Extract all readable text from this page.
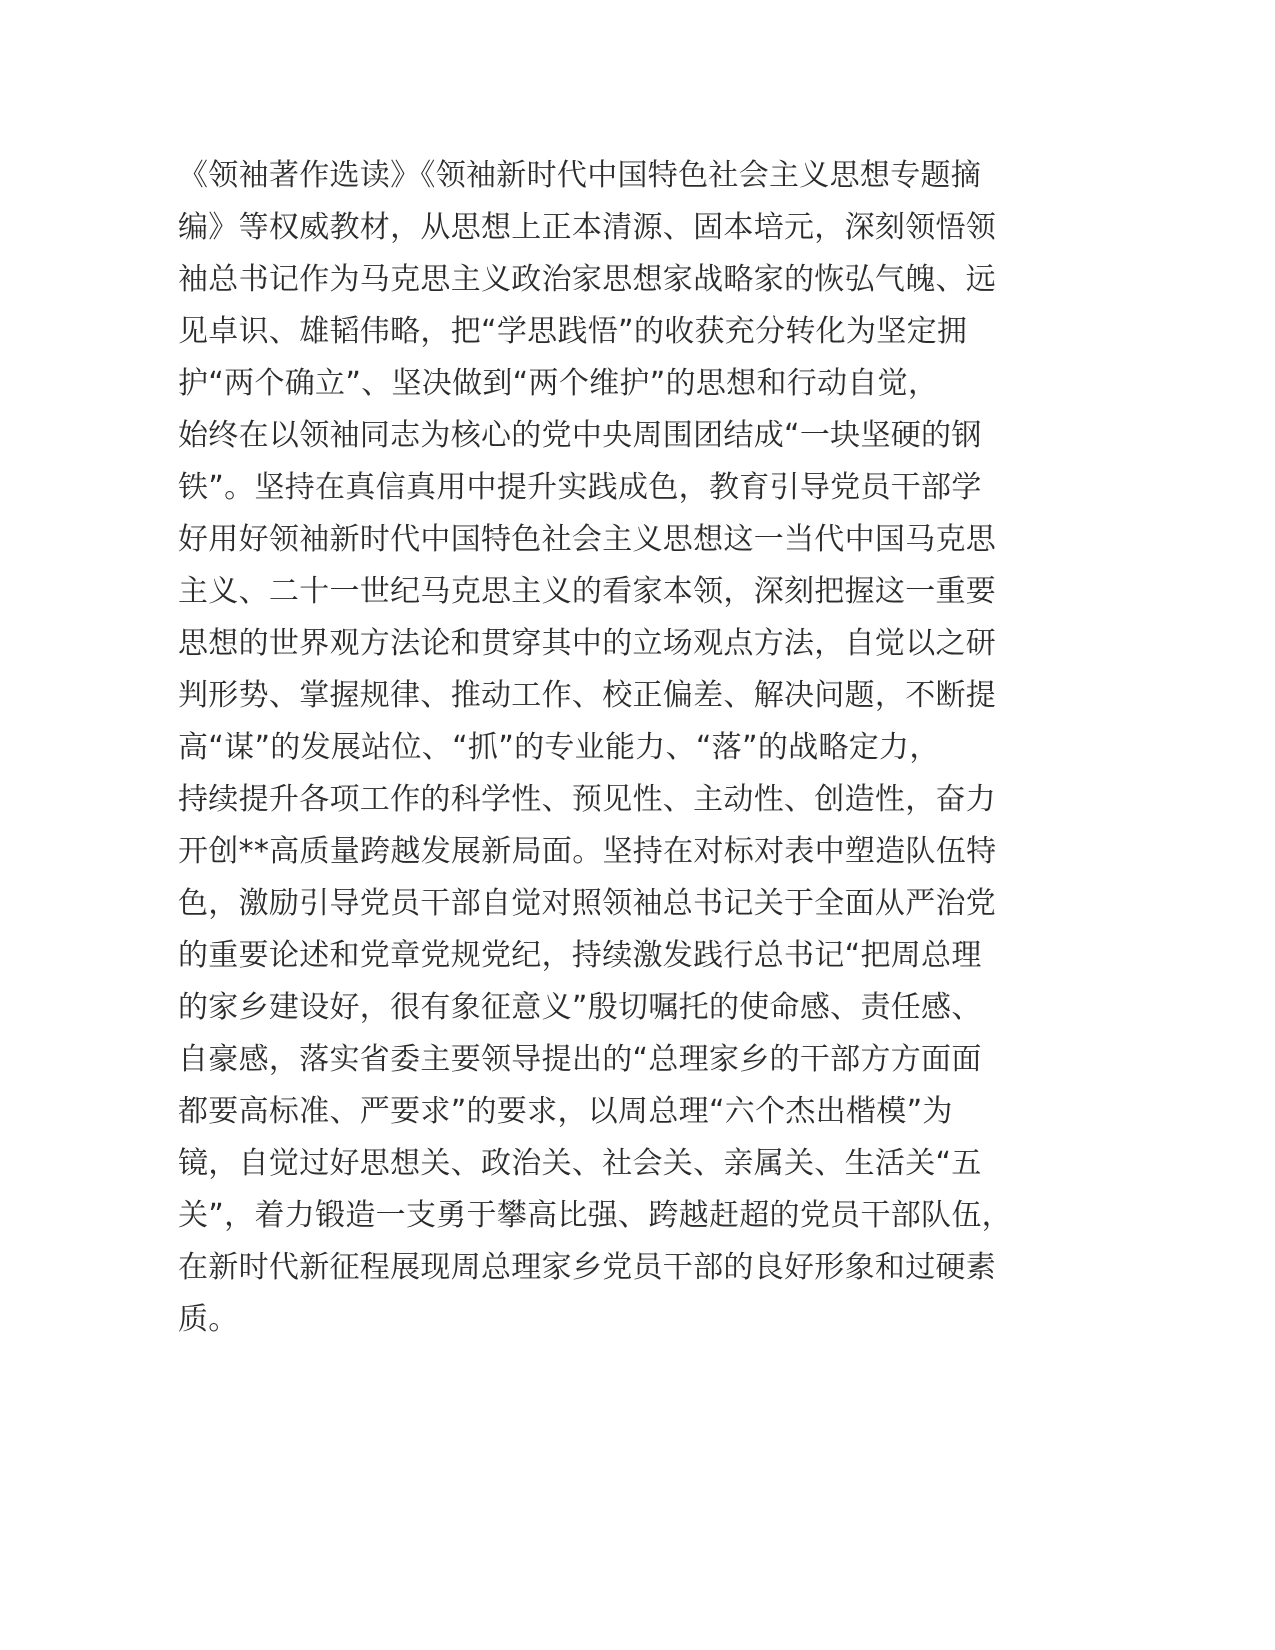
《领袖著作选读》《领袖新时代中国特色社会主义思想专题摘
编》等权威教材，从思想上正本清源、固本培元，深刻领悟领
袖总书记作为马克思主义政治家思想家战略家的恢弘气魄、远
见卓识、雄韬伟略，把“学思践悟”的收获充分转化为坚定拥
护“两个确立”、坚决做到“两个维护”的思想和行动自觉，
始终在以领袖同志为核心的党中央周围团结成“一块坚硬的钢
铁”。坚持在真信真用中提升实践成色，教育引导党员干部学
好用好领袖新时代中国特色社会主义思想这一当代中国马克思
主义、二十一世纪马克思主义的看家本领，深刻把握这一重要
思想的世界观方法论和贯穿其中的立场观点方法，自觉以之研
判形势、掌握规律、推动工作、校正偏差、解决问题，不断提
高“谋”的发展站位、“抓”的专业能力、“落”的战略定力，
持续提升各项工作的科学性、预见性、主动性、创造性，奋力
开创**高质量跨越发展新局面。坚持在对标对表中塑造队伍特
色，激励引导党员干部自觉对照领袖总书记关于全面从严治党
的重要论述和党章党规党纪，持续激发践行总书记“把周总理
的家乡建设好，很有象征意义”殷切嘱托的使命感、责任感、
自豪感，落实省委主要领导提出的“总理家乡的干部方方面面
都要高标准、严要求”的要求，以周总理“六个杰出楷模”为
镜，自觉过好思想关、政治关、社会关、亲属关、生活关“五
关”，着力锻造一支勇于攀高比强、跨越赶超的党员干部队伍，
在新时代新征程展现周总理家乡党员干部的良好形象和过硬素
质。
